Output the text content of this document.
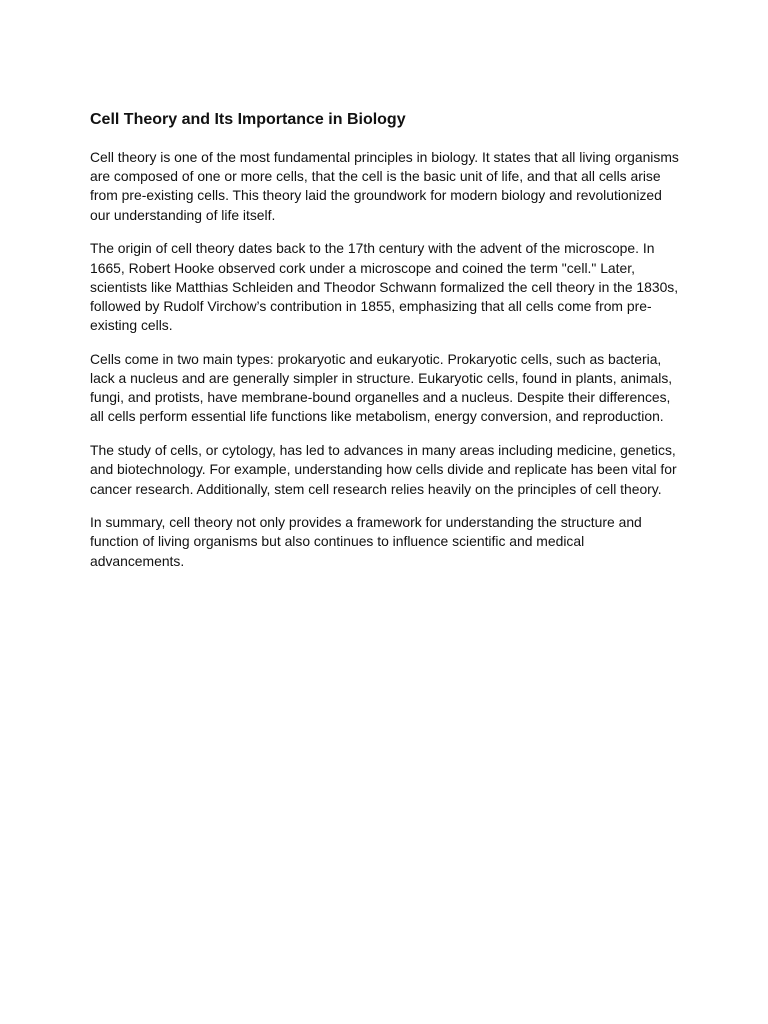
Cell Theory and Its Importance in Biology

Cell theory is one of the most fundamental principles in biology. It states that all living organisms are composed of one or more cells, that the cell is the basic unit of life, and that all cells arise from pre-existing cells. This theory laid the groundwork for modern biology and revolutionized our understanding of life itself.

The origin of cell theory dates back to the 17th century with the advent of the microscope. In 1665, Robert Hooke observed cork under a microscope and coined the term "cell." Later, scientists like Matthias Schleiden and Theodor Schwann formalized the cell theory in the 1830s, followed by Rudolf Virchow’s contribution in 1855, emphasizing that all cells come from pre-existing cells.

Cells come in two main types: prokaryotic and eukaryotic. Prokaryotic cells, such as bacteria, lack a nucleus and are generally simpler in structure. Eukaryotic cells, found in plants, animals, fungi, and protists, have membrane-bound organelles and a nucleus. Despite their differences, all cells perform essential life functions like metabolism, energy conversion, and reproduction.

The study of cells, or cytology, has led to advances in many areas including medicine, genetics, and biotechnology. For example, understanding how cells divide and replicate has been vital for cancer research. Additionally, stem cell research relies heavily on the principles of cell theory.

In summary, cell theory not only provides a framework for understanding the structure and function of living organisms but also continues to influence scientific and medical advancements.
